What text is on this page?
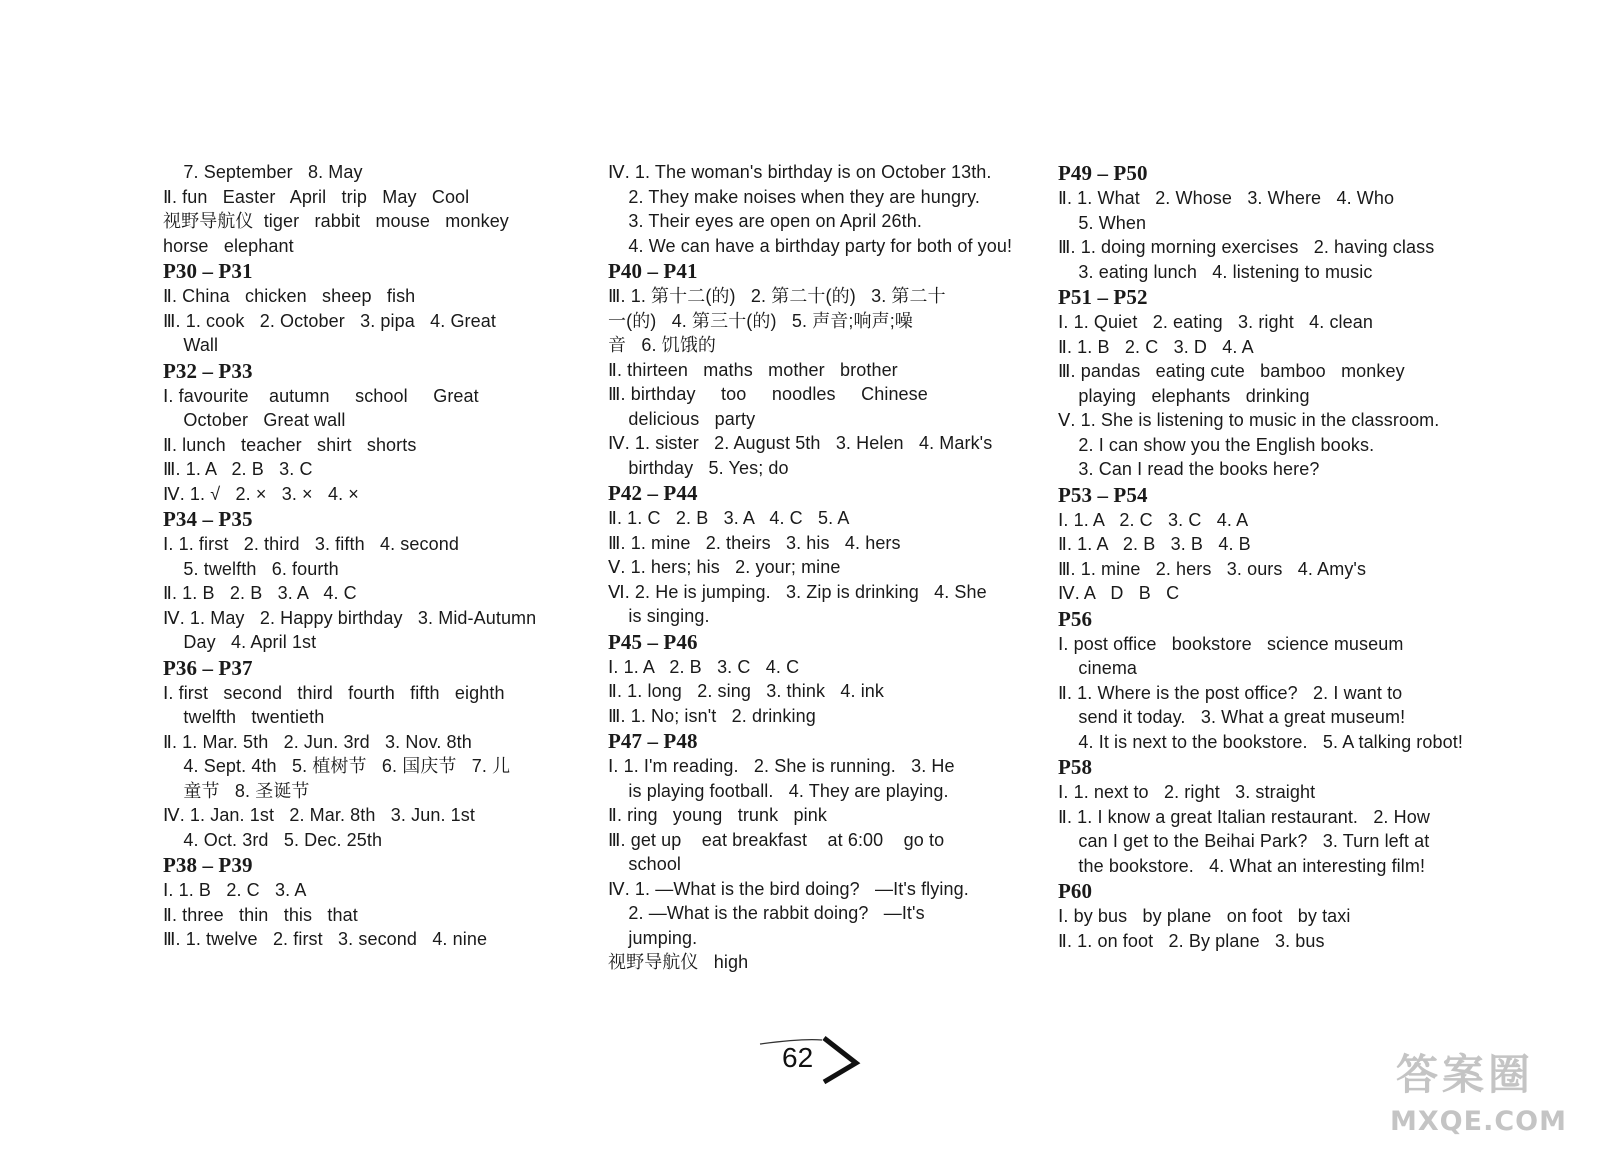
7. September   8. May
Ⅱ. fun   Easter   April   trip   May   Cool
视野导航仪  tiger   rabbit   mouse   monkey
horse   elephant
P30 – P31
Ⅱ. China   chicken   sheep   fish
Ⅲ. 1. cook   2. October   3. pipa   4. Great
Wall
P32 – P33
Ⅰ. favourite    autumn     school     Great
October   Great wall
Ⅱ. lunch   teacher   shirt   shorts
Ⅲ. 1. A   2. B   3. C
Ⅳ. 1. √   2. ×   3. ×   4. ×
P34 – P35
Ⅰ. 1. first   2. third   3. fifth   4. second
5. twelfth   6. fourth
Ⅱ. 1. B   2. B   3. A   4. C
Ⅳ. 1. May   2. Happy birthday   3. Mid-Autumn
Day   4. April 1st
P36 – P37
Ⅰ. first   second   third   fourth   fifth   eighth
twelfth   twentieth
Ⅱ. 1. Mar. 5th   2. Jun. 3rd   3. Nov. 8th
4. Sept. 4th   5. 植树节   6. 国庆节   7. 儿
童节   8. 圣诞节
Ⅳ. 1. Jan. 1st   2. Mar. 8th   3. Jun. 1st
4. Oct. 3rd   5. Dec. 25th
P38 – P39
Ⅰ. 1. B   2. C   3. A
Ⅱ. three   thin   this   that
Ⅲ. 1. twelve   2. first   3. second   4. nine
Ⅳ. 1. The woman's birthday is on October 13th.
2. They make noises when they are hungry.
3. Their eyes are open on April 26th.
4. We can have a birthday party for both of you!
P40 – P41
Ⅲ. 1. 第十二(的)   2. 第二十(的)   3. 第二十
一(的)   4. 第三十(的)   5. 声音;响声;噪
音   6. 饥饿的
Ⅱ. thirteen   maths   mother   brother
Ⅲ. birthday     too     noodles     Chinese
delicious   party
Ⅳ. 1. sister   2. August 5th   3. Helen   4. Mark's
birthday   5. Yes; do
P42 – P44
Ⅱ. 1. C   2. B   3. A   4. C   5. A
Ⅲ. 1. mine   2. theirs   3. his   4. hers
Ⅴ. 1. hers; his   2. your; mine
Ⅵ. 2. He is jumping.   3. Zip is drinking   4. She
is singing.
P45 – P46
Ⅰ. 1. A   2. B   3. C   4. C
Ⅱ. 1. long   2. sing   3. think   4. ink
Ⅲ. 1. No; isn't   2. drinking
P47 – P48
Ⅰ. 1. I'm reading.   2. She is running.   3. He
is playing football.   4. They are playing.
Ⅱ. ring   young   trunk   pink
Ⅲ. get up    eat breakfast    at 6:00    go to
school
Ⅳ. 1. —What is the bird doing?   —It's flying.
2. —What is the rabbit doing?   —It's
jumping.
视野导航仪   high
P49 – P50
Ⅱ. 1. What   2. Whose   3. Where   4. Who
5. When
Ⅲ. 1. doing morning exercises   2. having class
3. eating lunch   4. listening to music
P51 – P52
Ⅰ. 1. Quiet   2. eating   3. right   4. clean
Ⅱ. 1. B   2. C   3. D   4. A
Ⅲ. pandas   eating cute   bamboo   monkey
playing   elephants   drinking
Ⅴ. 1. She is listening to music in the classroom.
2. I can show you the English books.
3. Can I read the books here?
P53 – P54
Ⅰ. 1. A   2. C   3. C   4. A
Ⅱ. 1. A   2. B   3. B   4. B
Ⅲ. 1. mine   2. hers   3. ours   4. Amy's
Ⅳ. A   D   B   C
P56
Ⅰ. post office   bookstore   science museum
cinema
Ⅱ. 1. Where is the post office?   2. I want to
send it today.   3. What a great museum!
4. It is next to the bookstore.   5. A talking robot!
P58
Ⅰ. 1. next to   2. right   3. straight
Ⅱ. 1. I know a great Italian restaurant.   2. How
can I get to the Beihai Park?   3. Turn left at
the bookstore.   4. What an interesting film!
P60
Ⅰ. by bus   by plane   on foot   by taxi
Ⅱ. 1. on foot   2. By plane   3. bus
62	答案圈
MXQE.COM
